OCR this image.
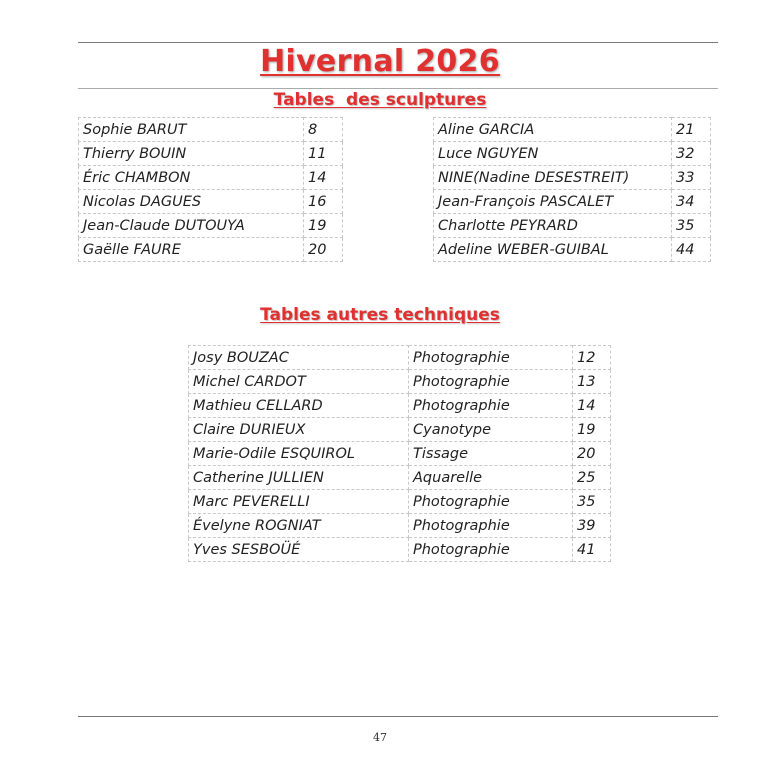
Hivernal 2026
Tables  des sculptures
Sophie BARUT	8
Thierry BOUIN	11
Éric CHAMBON	14
Nicolas DAGUES	16
Jean-Claude DUTOUYA	19
Gaëlle FAURE	20
Aline GARCIA	21
Luce NGUYEN	32
NINE(Nadine DESESTREIT)	33
Jean-François PASCALET	34
Charlotte PEYRARD	35
Adeline WEBER-GUIBAL	44
Tables autres techniques
Josy BOUZAC	Photographie	12
Michel CARDOT	Photographie	13
Mathieu CELLARD	Photographie	14
Claire DURIEUX	Cyanotype	19
Marie-Odile ESQUIROL	Tissage	20
Catherine JULLIEN	Aquarelle	25
Marc PEVERELLI	Photographie	35
Évelyne ROGNIAT	Photographie	39
Yves SESBOÜÉ	Photographie	41
47
